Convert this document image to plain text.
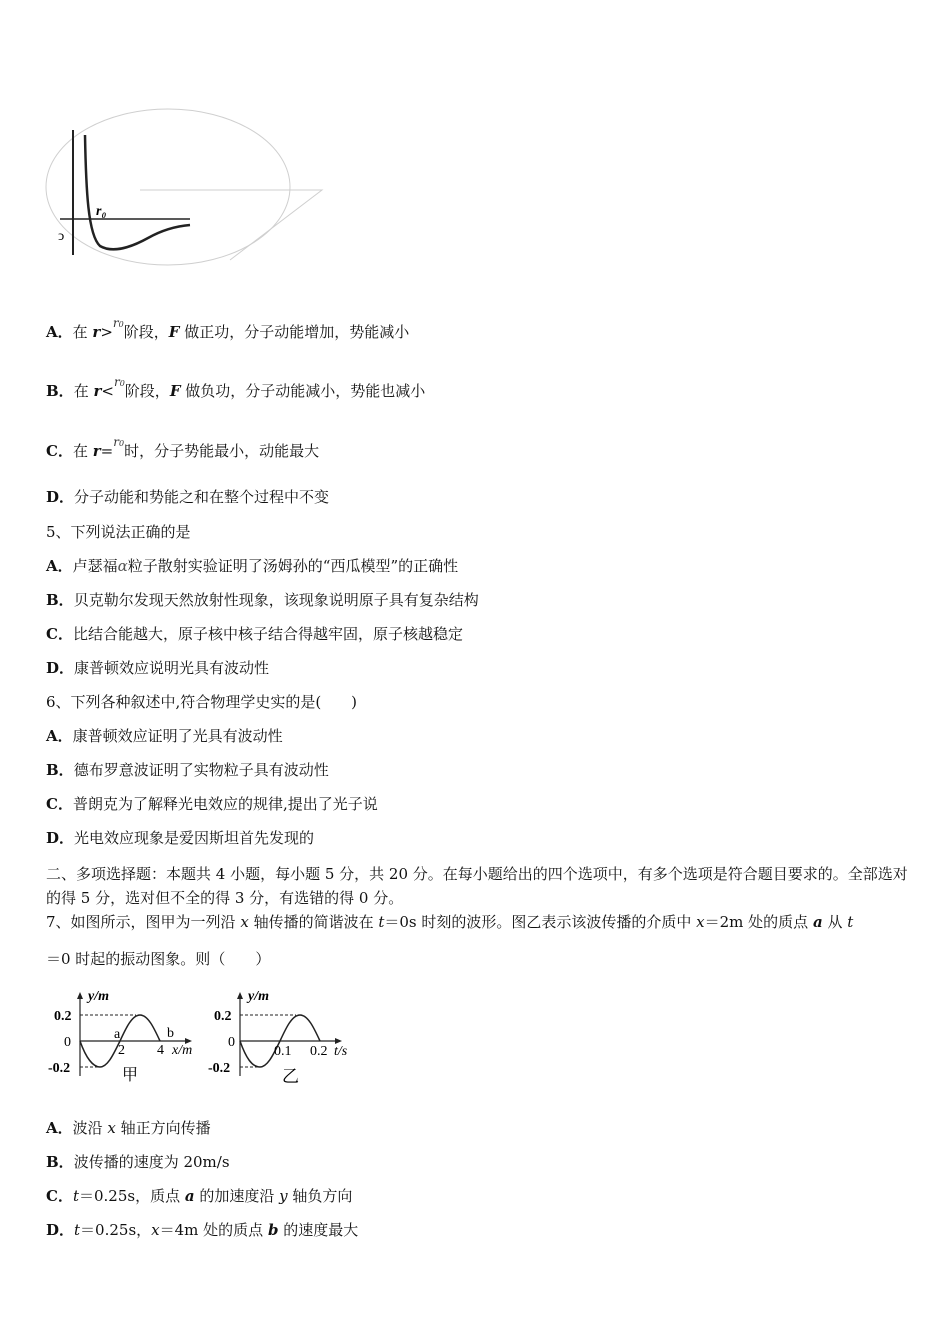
r₀
ↄ
A．在 r>$^{r0}$阶段，F 做正功，分子动能增加，势能减小
B．在 r<$^{r0}$阶段，F 做负功，分子动能减小，势能也减小
C．在 r=$^{r0}$时，分子势能最小，动能最大
D．分子动能和势能之和在整个过程中不变
5、下列说法正确的是
A．卢瑟福α粒子散射实验证明了汤姆孙的“西瓜模型”的正确性
B．贝克勒尔发现天然放射性现象，该现象说明原子具有复杂结构
C．比结合能越大，原子核中核子结合得越牢固，原子核越稳定
D．康普顿效应说明光具有波动性
6、下列各种叙述中,符合物理学史实的是(　　)
A．康普顿效应证明了光具有波动性
B．德布罗意波证明了实物粒子具有波动性
C．普朗克为了解释光电效应的规律,提出了光子说
D．光电效应现象是爱因斯坦首先发现的
二、多项选择题：本题共 4 小题，每小题 5 分，共 20 分。在每小题给出的四个选项中，有多个选项是符合题目要求的。全部选对的得 5 分，选对但不全的得 3 分，有选错的得 0 分。
7、如图所示，图甲为一列沿 x 轴传播的简谐波在 t＝0s 时刻的波形。图乙表示该波传播的介质中 x＝2m 处的质点 a 从 t
＝0 时起的振动图象。则（　　）
y/m
0.2
0
-0.2
2 4 x/m
a	b
甲
y/m
0.2
0
-0.2
0.1 0.2 t/s
乙
A．波沿 x 轴正方向传播
B．波传播的速度为 20m/s
C．t＝0.25s，质点 a 的加速度沿 y 轴负方向
D．t＝0.25s，x＝4m 处的质点 b 的速度最大
